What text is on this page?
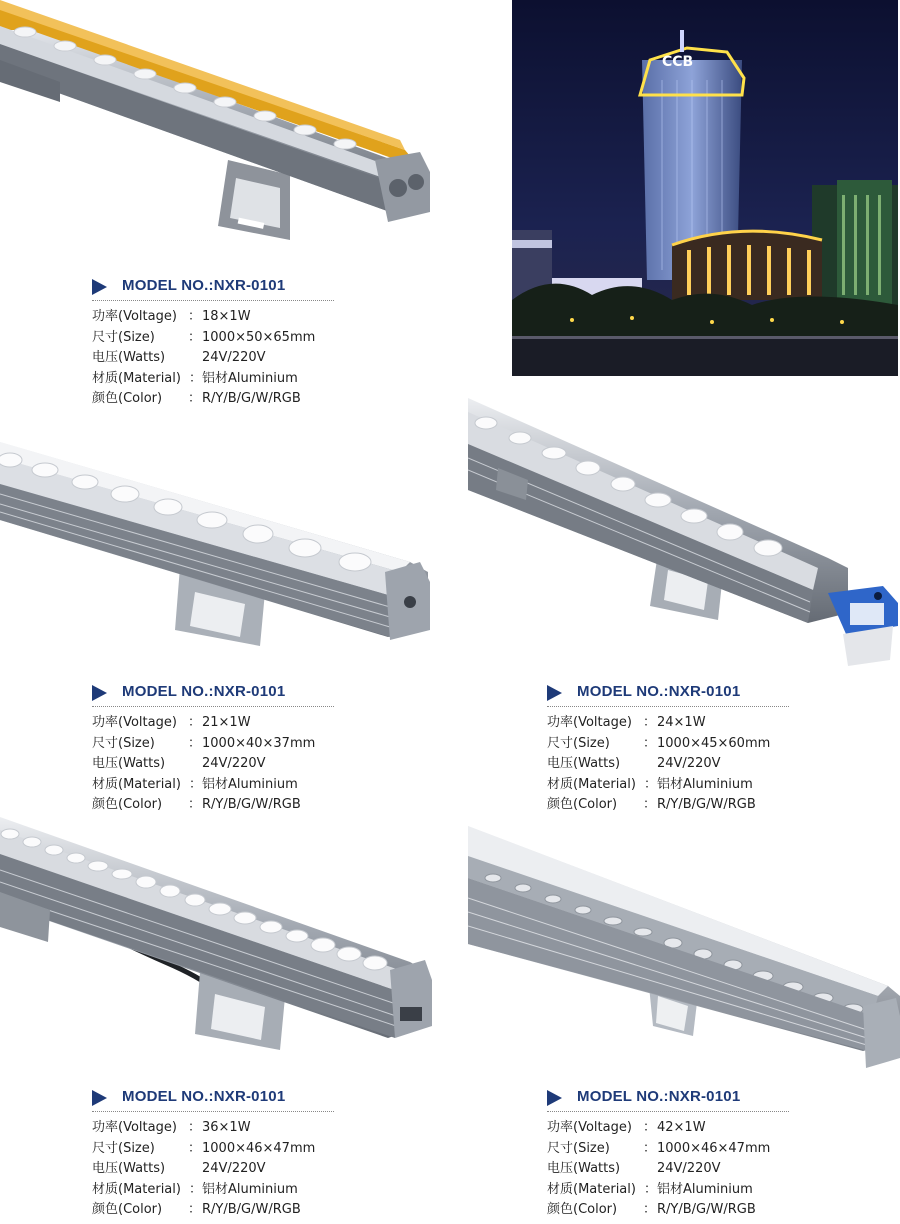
CCB
MODEL NO.:NXR-0101
功率(Voltage) ： 18×1W
尺寸(Size)	： 1000×50×65mm
电压(Watts)	24V/220V
材质(Material) ： 铝材Aluminium
颜色(Color) ： R/Y/B/G/W/RGB
MODEL NO.:NXR-0101
功率(Voltage) ： 21×1W
尺寸(Size)	： 1000×40×37mm
电压(Watts)	24V/220V
材质(Material) ： 铝材Aluminium
颜色(Color) ： R/Y/B/G/W/RGB
MODEL NO.:NXR-0101
功率(Voltage) ： 24×1W
尺寸(Size)	： 1000×45×60mm
电压(Watts)	24V/220V
材质(Material) ： 铝材Aluminium
颜色(Color) ： R/Y/B/G/W/RGB
MODEL NO.:NXR-0101
功率(Voltage) ： 36×1W
尺寸(Size)	： 1000×46×47mm
电压(Watts)	24V/220V
材质(Material) ： 铝材Aluminium
颜色(Color) ： R/Y/B/G/W/RGB
MODEL NO.:NXR-0101
功率(Voltage) ： 42×1W
尺寸(Size)	： 1000×46×47mm
电压(Watts)	24V/220V
材质(Material) ： 铝材Aluminium
颜色(Color) ： R/Y/B/G/W/RGB
